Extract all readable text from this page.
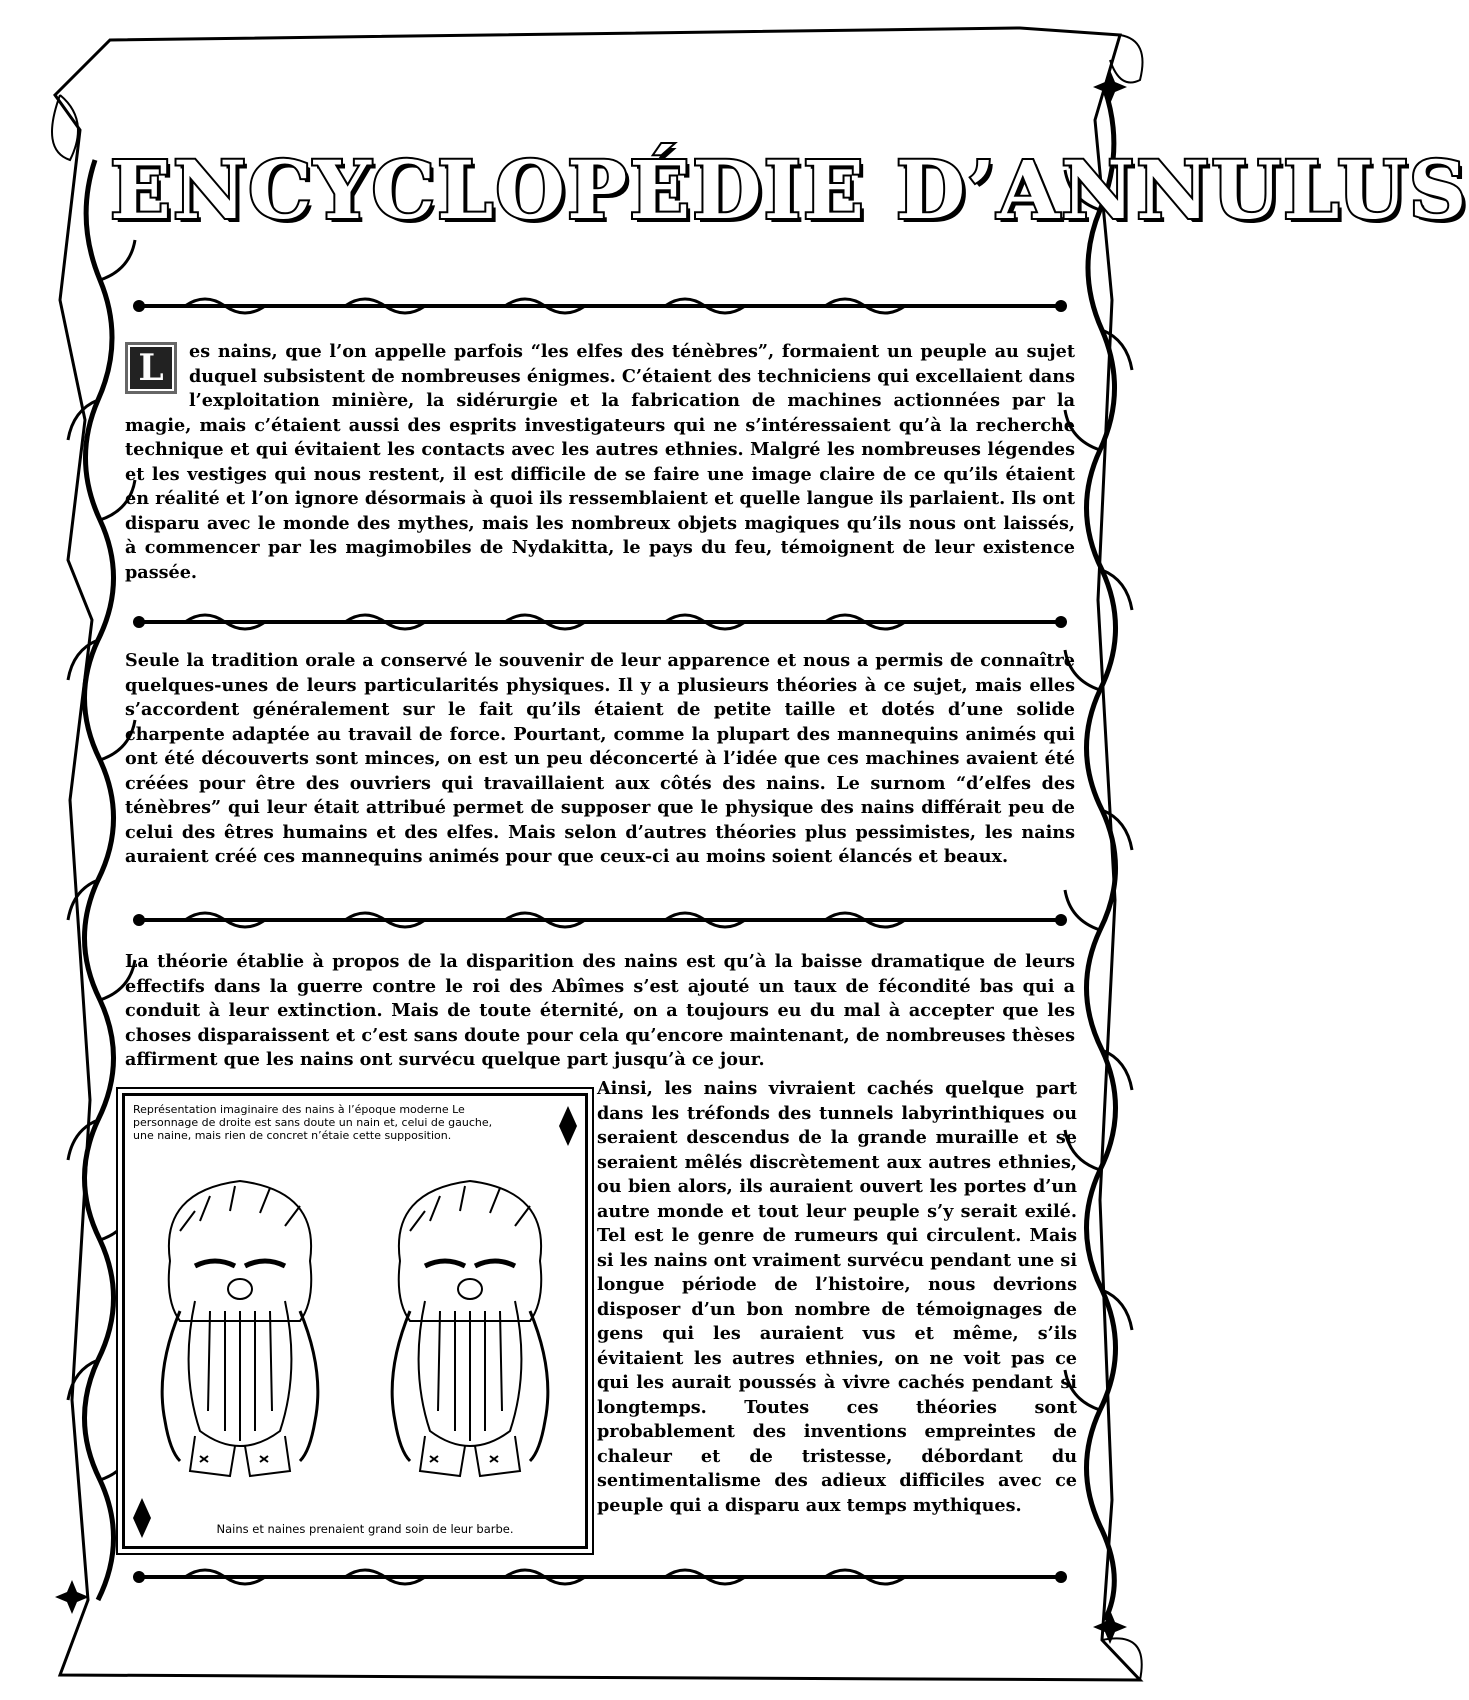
ENCYCLOPÉDIE D’ANNULUS

L	es nains, que l’on appelle parfois “les elfes des ténèbres”, formaient un peuple au sujet duquel subsistent de nombreuses énigmes. C’étaient des techniciens qui excellaient dans l’exploitation minière, la sidérurgie et la fabrication de machines actionnées par la magie, mais c’étaient aussi des esprits investigateurs qui ne s’intéressaient qu’à la recherche technique et qui évitaient les contacts avec les autres ethnies. Malgré les nombreuses légendes et les vestiges qui nous restent, il est difficile de se faire une image claire de ce qu’ils étaient en réalité et l’on ignore désormais à quoi ils ressemblaient et quelle langue ils parlaient. Ils ont disparu avec le monde des mythes, mais les nombreux objets magiques qu’ils nous ont laissés, à commencer par les magimobiles de Nydakitta, le pays du feu, témoignent de leur existence passée.

Seule la tradition orale a conservé le souvenir de leur apparence et nous a permis de connaître quelques-unes de leurs particularités physiques. Il y a plusieurs théories à ce sujet, mais elles s’accordent généralement sur le fait qu’ils étaient de petite taille et dotés d’une solide charpente adaptée au travail de force. Pourtant, comme la plupart des mannequins animés qui ont été découverts sont minces, on est un peu déconcerté à l’idée que ces machines avaient été créées pour être des ouvriers qui travaillaient aux côtés des nains. Le surnom “d’elfes des ténèbres” qui leur était attribué permet de supposer que le physique des nains différait peu de celui des êtres humains et des elfes. Mais selon d’autres théories plus pessimistes, les nains auraient créé ces mannequins animés pour que ceux-ci au moins soient élancés et beaux.

La théorie établie à propos de la disparition des nains est qu’à la baisse dramatique de leurs effectifs dans la guerre contre le roi des Abîmes s’est ajouté un taux de fécondité bas qui a conduit à leur extinction. Mais de toute éternité, on a toujours eu du mal à accepter que les choses disparaissent et c’est sans doute pour cela qu’encore maintenant, de nombreuses thèses affirment que les nains ont survécu quelque part jusqu’à ce jour.

Représentation imaginaire des nains à l’époque moderne Le personnage de droite est sans doute un nain et, celui de gauche, une naine, mais rien de concret n’étaie cette supposition.

Nains et naines prenaient grand soin de leur barbe.

Ainsi, les nains vivraient cachés quelque part dans les tréfonds des tunnels labyrinthiques ou seraient descendus de la grande muraille et se seraient mêlés discrètement aux autres ethnies, ou bien alors, ils auraient ouvert les portes d’un autre monde et tout leur peuple s’y serait exilé. Tel est le genre de rumeurs qui circulent. Mais si les nains ont vraiment survécu pendant une si longue période de l’histoire, nous devrions disposer d’un bon nombre de témoignages de gens qui les auraient vus et même, s’ils évitaient les autres ethnies, on ne voit pas ce qui les aurait poussés à vivre cachés pendant si longtemps. Toutes ces théories sont probablement des inventions empreintes de chaleur et de tristesse, débordant du sentimentalisme des adieux difficiles avec ce peuple qui a disparu aux temps mythiques.
